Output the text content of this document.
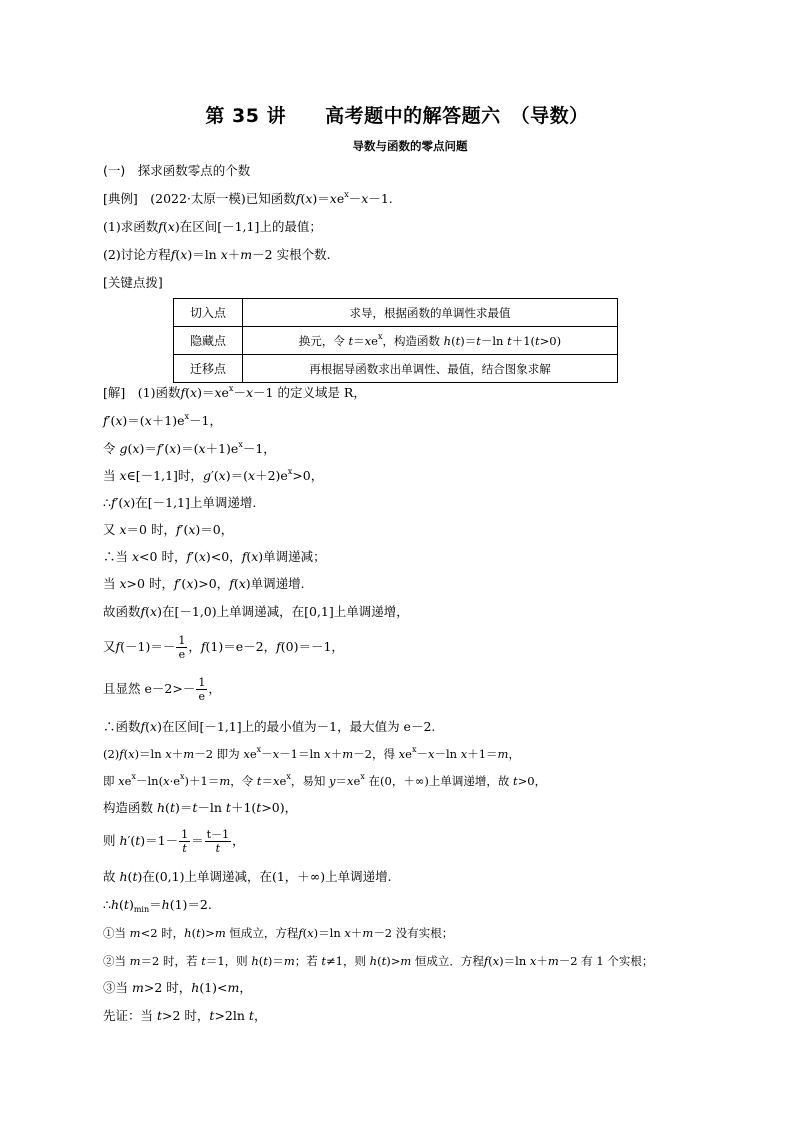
第 35 讲　　高考题中的解答题六　（导数）
导数与函数的零点问题
(一)　探求函数零点的个数
[典例]　(2022·太原一模)已知函数$f(x)=xe^x-x-1$.
(1)求函数f(x)在区间[－1,1]上的最值；
(2)讨论方程f(x)＝ln x＋m－2 实根个数.
[关键点拨]
切入点	求导，根据函数的单调性求最值
隐藏点	换元，令 $t=xe^x$，构造函数 h(t)＝t－ln t＋1(t>0)
迁移点	再根据导函数求出单调性、最值，结合图象求解
[解]　(1)函数$f(x)=xe^x-x-1$ 的定义域是 R，
$f'(x)=(x+1)e^x-1$，
令 $g(x)=f'(x)=(x+1)e^x-1$，
当 x∈[－1,1]时，$g'(x)=(x+2)e^x>0$，
∴f′(x)在[－1,1]上单调递增.
又 x＝0 时，f′(x)＝0，
∴当 x<0 时，f′(x)<0，f(x)单调递减；
当 x>0 时，f′(x)>0，f(x)单调递增.
故函数f(x)在[－1,0)上单调递减，在[0,1]上单调递增，
又$f(-1)=- \frac{1}{e}$ ，f(1)＝e－2，f(0)＝－1，
且显然 $e-2>- \frac{1}{e}$ ，
∴函数f(x)在区间[－1,1]上的最小值为－1，最大值为 e－2.
(2)f(x)＝ln x＋m－2 即为 $xe^x-x-1=\ln$ x＋m－2，得 $xe^x-x-\ln$ x＋1＝m，
即 $xe^x-\ln(x\cdot e^x)+1=m$，令 $t=xe^x$，易知 $y=xe^x$ 在(0，＋∞)上单调递增，故 t>0，
构造函数 h(t)＝t－ln t＋1(t>0)，
则 $h'(t)=1- \frac{1}{t} = \frac{t-1}{t}$ ，
故 h(t)在(0,1)上单调递减，在(1，＋∞)上单调递增.
$\therefore h(t)_{min}=h(1)=2$.
①当 m<2 时，h(t)>m 恒成立，方程f(x)＝ln x＋m－2 没有实根；
②当 m＝2 时，若 t＝1，则 h(t)＝m；若 t≠1，则 h(t)>m 恒成立．方程f(x)＝ln x＋m－2 有 1 个实根；
③当 m>2 时，h(1)<m，
先证：当 t>2 时，t>2ln t，
